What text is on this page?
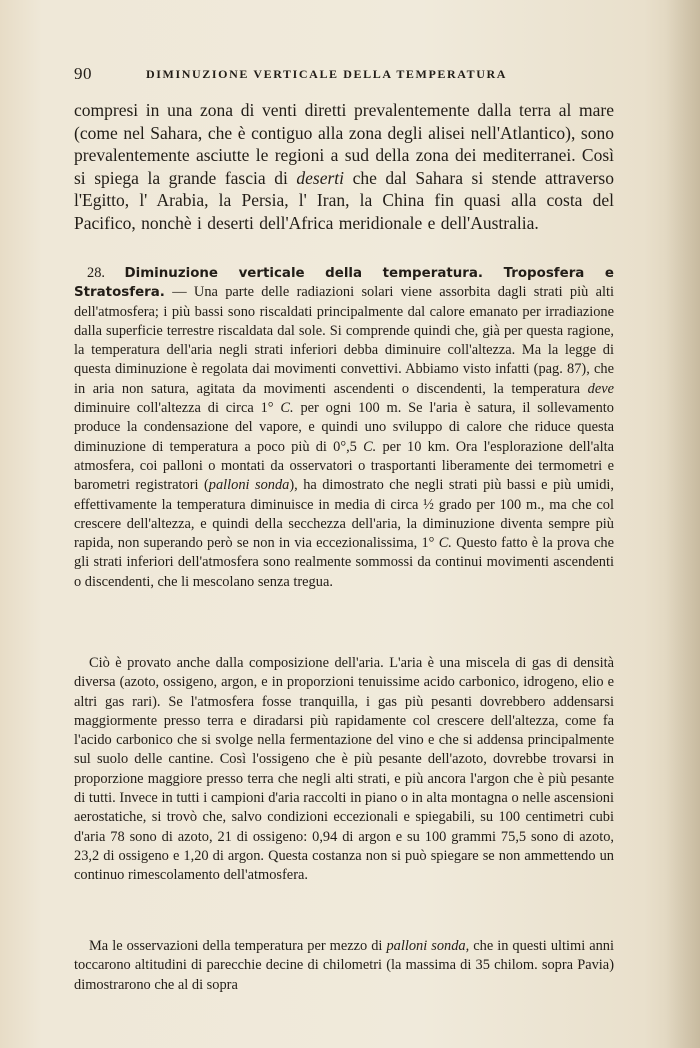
90	DIMINUZIONE VERTICALE DELLA TEMPERATURA

compresi in una zona di venti diretti prevalentemente dalla terra al mare (come nel Sahara, che è contiguo alla zona degli alisei nell'Atlantico), sono prevalentemente asciutte le regioni a sud della zona dei mediterranei. Così si spiega la grande fascia di deserti che dal Sahara si stende attraverso l'Egitto, l' Arabia, la Persia, l' Iran, la China fin quasi alla costa del Pacifico, nonchè i deserti dell'Africa meridionale e dell'Australia.

28. Diminuzione verticale della temperatura. Troposfera e Stratosfera. — Una parte delle radiazioni solari viene assorbita dagli strati più alti dell'atmosfera; i più bassi sono riscaldati principalmente dal calore emanato per irradiazione dalla superficie terrestre riscaldata dal sole. Si comprende quindi che, già per questa ragione, la temperatura dell'aria negli strati inferiori debba diminuire coll'altezza. Ma la legge di questa diminuzione è regolata dai movimenti convettivi. Abbiamo visto infatti (pag. 87), che in aria non satura, agitata da movimenti ascendenti o discendenti, la temperatura deve diminuire coll'altezza di circa 1° C. per ogni 100 m. Se l'aria è satura, il sollevamento produce la condensazione del vapore, e quindi uno sviluppo di calore che riduce questa diminuzione di temperatura a poco più di 0°,5 C. per 10 km. Ora l'esplorazione dell'alta atmosfera, coi palloni o montati da osservatori o trasportanti liberamente dei termometri e barometri registratori (palloni sonda), ha dimostrato che negli strati più bassi e più umidi, effettivamente la temperatura diminuisce in media di circa ½ grado per 100 m., ma che col crescere dell'altezza, e quindi della secchezza dell'aria, la diminuzione diventa sempre più rapida, non superando però se non in via eccezionalissima, 1° C. Questo fatto è la prova che gli strati inferiori dell'atmosfera sono realmente sommossi da continui movimenti ascendenti o discendenti, che li mescolano senza tregua.

Ciò è provato anche dalla composizione dell'aria. L'aria è una miscela di gas di densità diversa (azoto, ossigeno, argon, e in proporzioni tenuissime acido carbonico, idrogeno, elio e altri gas rari). Se l'atmosfera fosse tranquilla, i gas più pesanti dovrebbero addensarsi maggiormente presso terra e diradarsi più rapidamente col crescere dell'altezza, come fa l'acido carbonico che si svolge nella fermentazione del vino e che si addensa principalmente sul suolo delle cantine. Così l'ossigeno che è più pesante dell'azoto, dovrebbe trovarsi in proporzione maggiore presso terra che negli alti strati, e più ancora l'argon che è più pesante di tutti. Invece in tutti i campioni d'aria raccolti in piano o in alta montagna o nelle ascensioni aerostatiche, si trovò che, salvo condizioni eccezionali e spiegabili, su 100 centimetri cubi d'aria 78 sono di azoto, 21 di ossigeno: 0,94 di argon e su 100 grammi 75,5 sono di azoto, 23,2 di ossigeno e 1,20 di argon. Questa costanza non si può spiegare se non ammettendo un continuo rimescolamento dell'atmosfera.

Ma le osservazioni della temperatura per mezzo di palloni sonda, che in questi ultimi anni toccarono altitudini di parecchie decine di chilometri (la massima di 35 chilom. sopra Pavia) dimostrarono che al di sopra
